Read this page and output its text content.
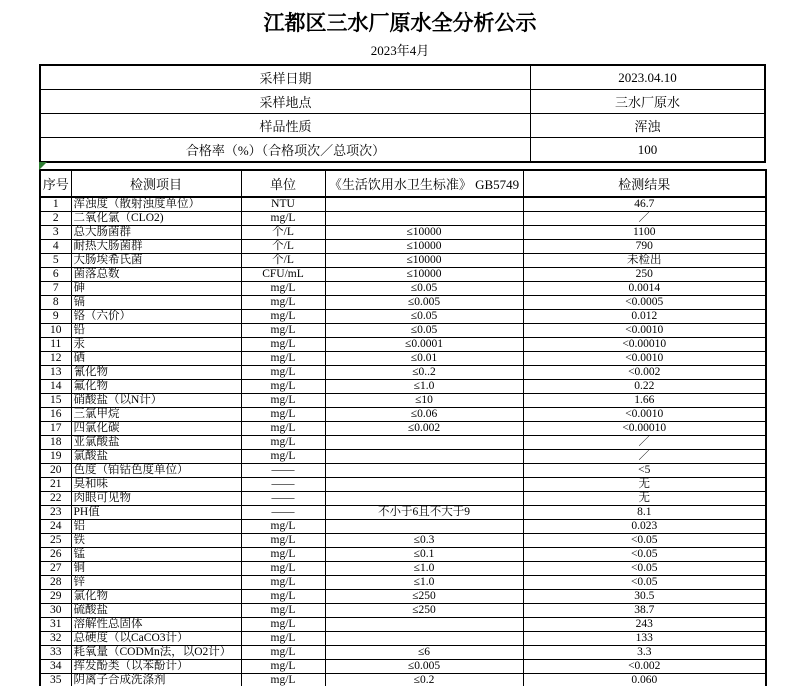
江都区三水厂原水全分析公示
2023年4月
采样日期	2023.04.10
采样地点	三水厂原水
样品性质	浑浊
合格率（%）（合格项次／总项次）	100
序号	检测项目	单位	《生活饮用水卫生标准》 GB5749	检测结果
1	浑浊度（散射浊度单位）	NTU		46.7
2	二氧化氯（CLO2)	mg/L		／
3	总大肠菌群	个/L	≤10000	1100
4	耐热大肠菌群	个/L	≤10000	790
5	大肠埃希氏菌	个/L	≤10000	未检出
6	菌落总数	CFU/mL	≤10000	250
7	砷	mg/L	≤0.05	0.0014
8	镉	mg/L	≤0.005	<0.0005
9	铬（六价）	mg/L	≤0.05	0.012
10	铅	mg/L	≤0.05	<0.0010
11	汞	mg/L	≤0.0001	<0.00010
12	硒	mg/L	≤0.01	<0.0010
13	氰化物	mg/L	≤0..2	<0.002
14	氟化物	mg/L	≤1.0	0.22
15	硝酸盐（以N计）	mg/L	≤10	1.66
16	三氯甲烷	mg/L	≤0.06	<0.0010
17	四氯化碳	mg/L	≤0.002	<0.00010
18	亚氯酸盐	mg/L		／
19	氯酸盐	mg/L		／
20	色度（铂钴色度单位）	——		<5
21	臭和味	——		无
22	肉眼可见物	——		无
23	PH值	——	不小于6且不大于9	8.1
24	铝	mg/L		0.023
25	铁	mg/L	≤0.3	<0.05
26	锰	mg/L	≤0.1	<0.05
27	铜	mg/L	≤1.0	<0.05
28	锌	mg/L	≤1.0	<0.05
29	氯化物	mg/L	≤250	30.5
30	硫酸盐	mg/L	≤250	38.7
31	溶解性总固体	mg/L		243
32	总硬度（以CaCO3计）	mg/L		133
33	耗氧量（CODMn法，以O2计）	mg/L	≤6	3.3
34	挥发酚类（以苯酚计）	mg/L	≤0.005	<0.002
35	阴离子合成洗涤剂	mg/L	≤0.2	0.060
